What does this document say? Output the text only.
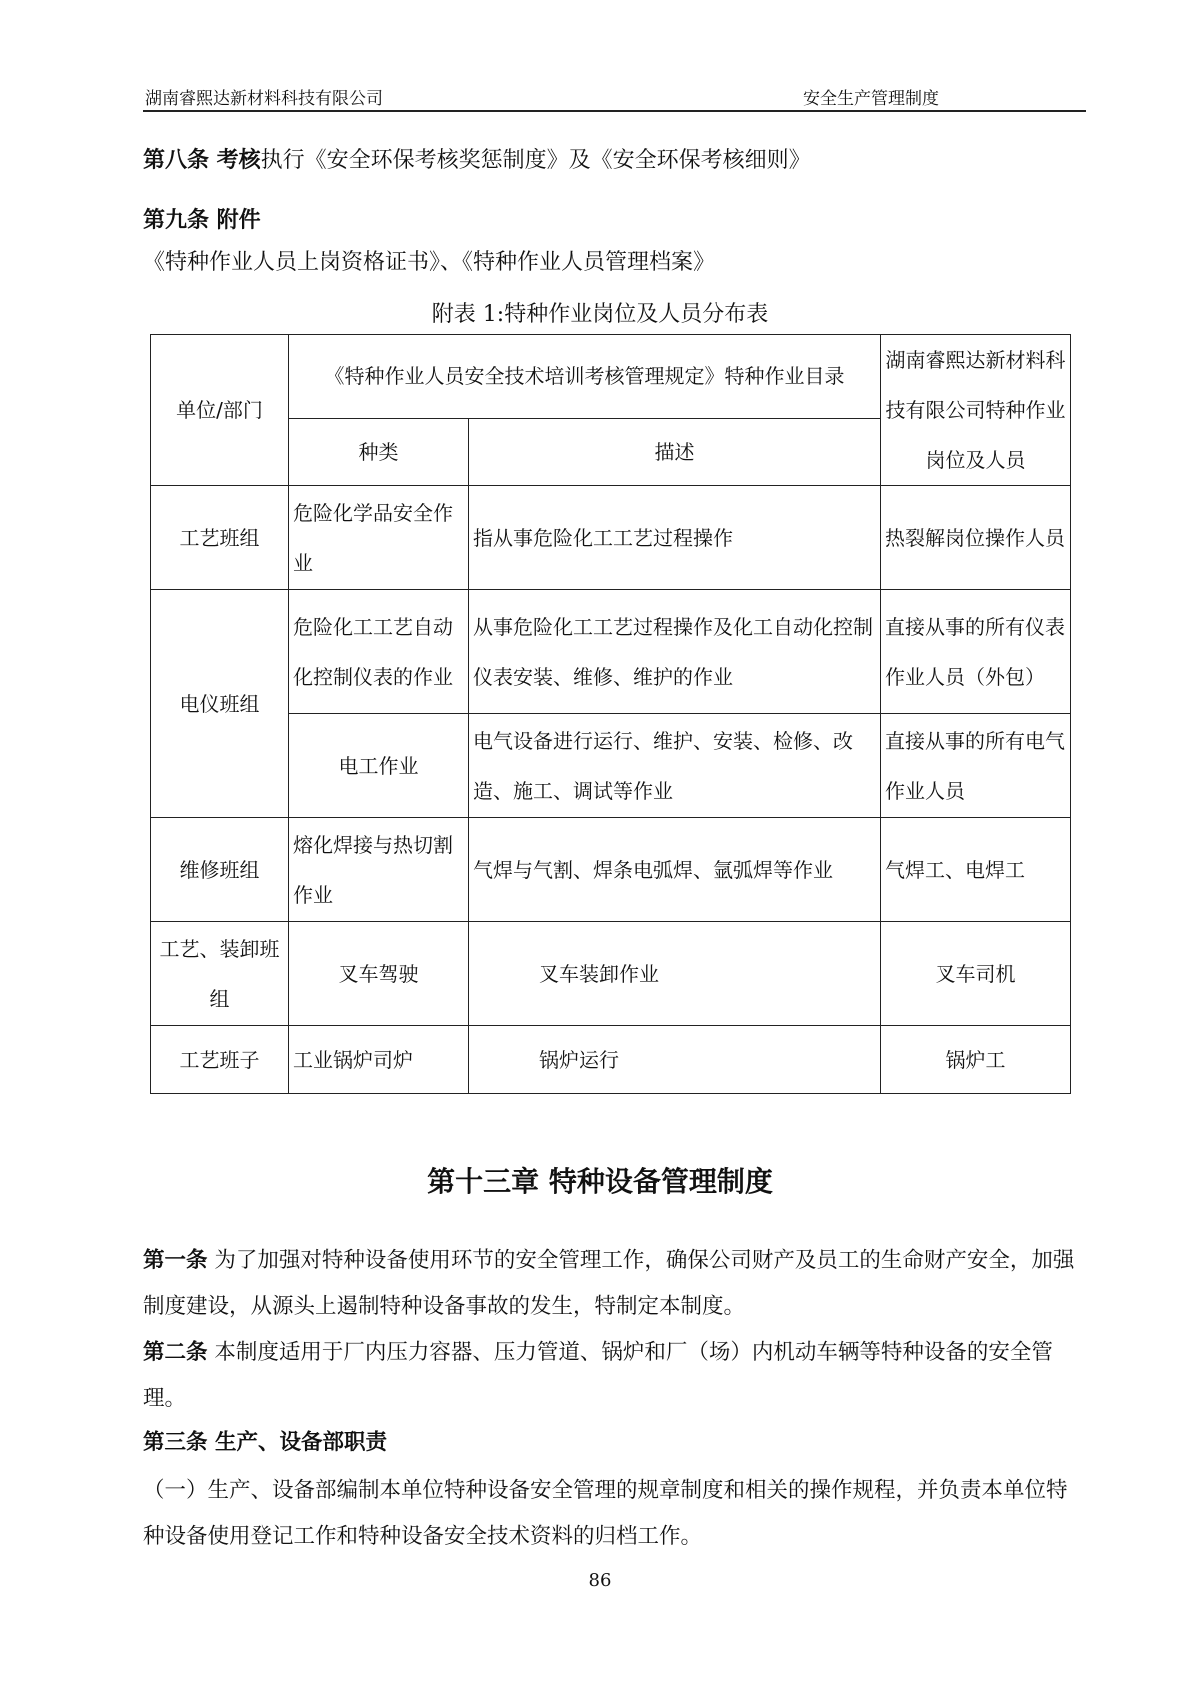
湖南睿熙达新材料科技有限公司	安全生产管理制度
第八条 考核执行《安全环保考核奖惩制度》及《安全环保考核细则》
第九条 附件
《特种作业人员上岗资格证书》、《特种作业人员管理档案》
附表 1:特种作业岗位及人员分布表
单位/部门	《特种作业人员安全技术培训考核管理规定》特种作业目录		湖南睿熙达新材料科技有限公司特种作业岗位及人员
	种类	描述	
工艺班组	危险化学品安全作业	指从事危险化工工艺过程操作	热裂解岗位操作人员
电仪班组	危险化工工艺自动化控制仪表的作业	从事危险化工工艺过程操作及化工自动化控制仪表安装、维修、维护的作业	直接从事的所有仪表作业人员（外包）
	电工作业	电气设备进行运行、维护、安装、检修、改造、施工、调试等作业	直接从事的所有电气作业人员
维修班组	熔化焊接与热切割作业	气焊与气割、焊条电弧焊、氩弧焊等作业	气焊工、电焊工
工艺、装卸班组	叉车驾驶	叉车装卸作业	叉车司机
工艺班子	工业锅炉司炉	锅炉运行	锅炉工
第十三章 特种设备管理制度
第一条 为了加强对特种设备使用环节的安全管理工作，确保公司财产及员工的生命财产安全，加强制度建设，从源头上遏制特种设备事故的发生，特制定本制度。
第二条 本制度适用于厂内压力容器、压力管道、锅炉和厂（场）内机动车辆等特种设备的安全管理。
第三条 生产、设备部职责
（一）生产、设备部编制本单位特种设备安全管理的规章制度和相关的操作规程，并负责本单位特种设备使用登记工作和特种设备安全技术资料的归档工作。
86
